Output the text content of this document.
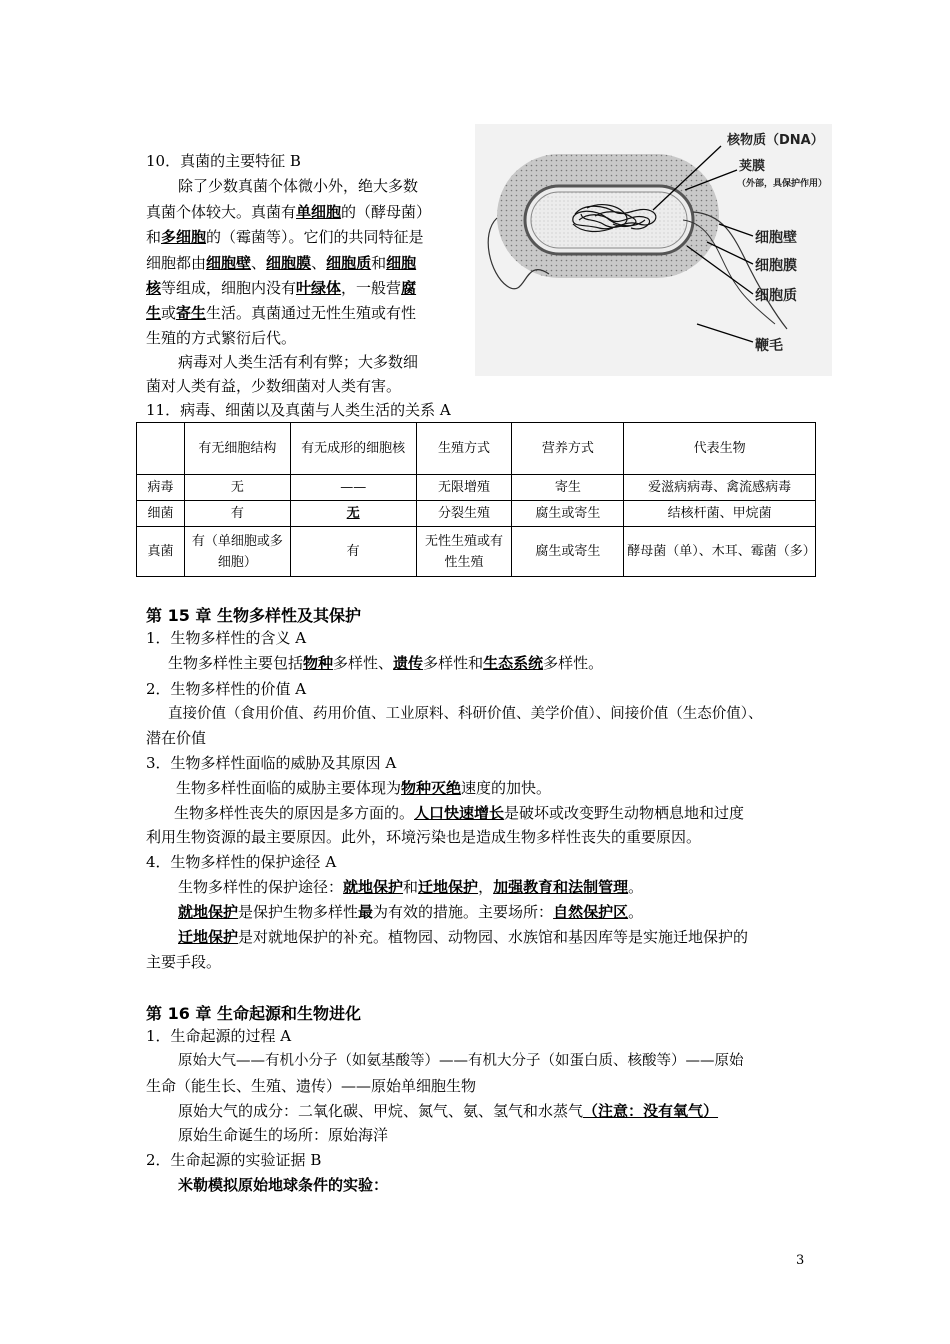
10．真菌的主要特征 B
除了少数真菌个体微小外，绝大多数
真菌个体较大。真菌有单细胞的（酵母菌）
和多细胞的（霉菌等）。它们的共同特征是
细胞都由细胞壁、细胞膜、细胞质和细胞
核等组成，细胞内没有叶绿体，一般营腐
生或寄生生活。真菌通过无性生殖或有性
生殖的方式繁衍后代。
病毒对人类生活有利有弊；大多数细
菌对人类有益，少数细菌对人类有害。
核物质（DNA）
荚膜
（外部，具保护作用）
细胞壁
细胞膜
细胞质
鞭毛
11．病毒、细菌以及真菌与人类生活的关系 A
	有无细胞结构	有无成形的细胞核	生殖方式	营养方式	代表生物
病毒	无	——	无限增殖	寄生	爱滋病病毒、禽流感病毒
细菌	有	无	分裂生殖	腐生或寄生	结核杆菌、甲烷菌
真菌	有（单细胞或多细胞）	有	无性生殖或有性生殖	腐生或寄生	酵母菌（单）、木耳、霉菌（多）
第 15 章 生物多样性及其保护
1．生物多样性的含义 A
生物多样性主要包括物种多样性、遗传多样性和生态系统多样性。
2．生物多样性的价值 A
直接价值（食用价值、药用价值、工业原料、科研价值、美学价值）、间接价值（生态价值）、
潜在价值
3．生物多样性面临的威胁及其原因 A
生物多样性面临的威胁主要体现为物种灭绝速度的加快。
生物多样性丧失的原因是多方面的。人口快速增长是破坏或改变野生动物栖息地和过度
利用生物资源的最主要原因。此外，环境污染也是造成生物多样性丧失的重要原因。
4．生物多样性的保护途径 A
生物多样性的保护途径：就地保护和迁地保护，加强教育和法制管理。
就地保护是保护生物多样性最为有效的措施。主要场所：自然保护区。
迁地保护是对就地保护的补充。植物园、动物园、水族馆和基因库等是实施迁地保护的
主要手段。
第 16 章 生命起源和生物进化
1．生命起源的过程 A
原始大气——有机小分子（如氨基酸等）——有机大分子（如蛋白质、核酸等）——原始
生命（能生长、生殖、遗传）——原始单细胞生物
原始大气的成分：二氧化碳、甲烷、氮气、氨、氢气和水蒸气（注意：没有氧气）
原始生命诞生的场所：原始海洋
2．生命起源的实验证据 B
米勒模拟原始地球条件的实验：
3
